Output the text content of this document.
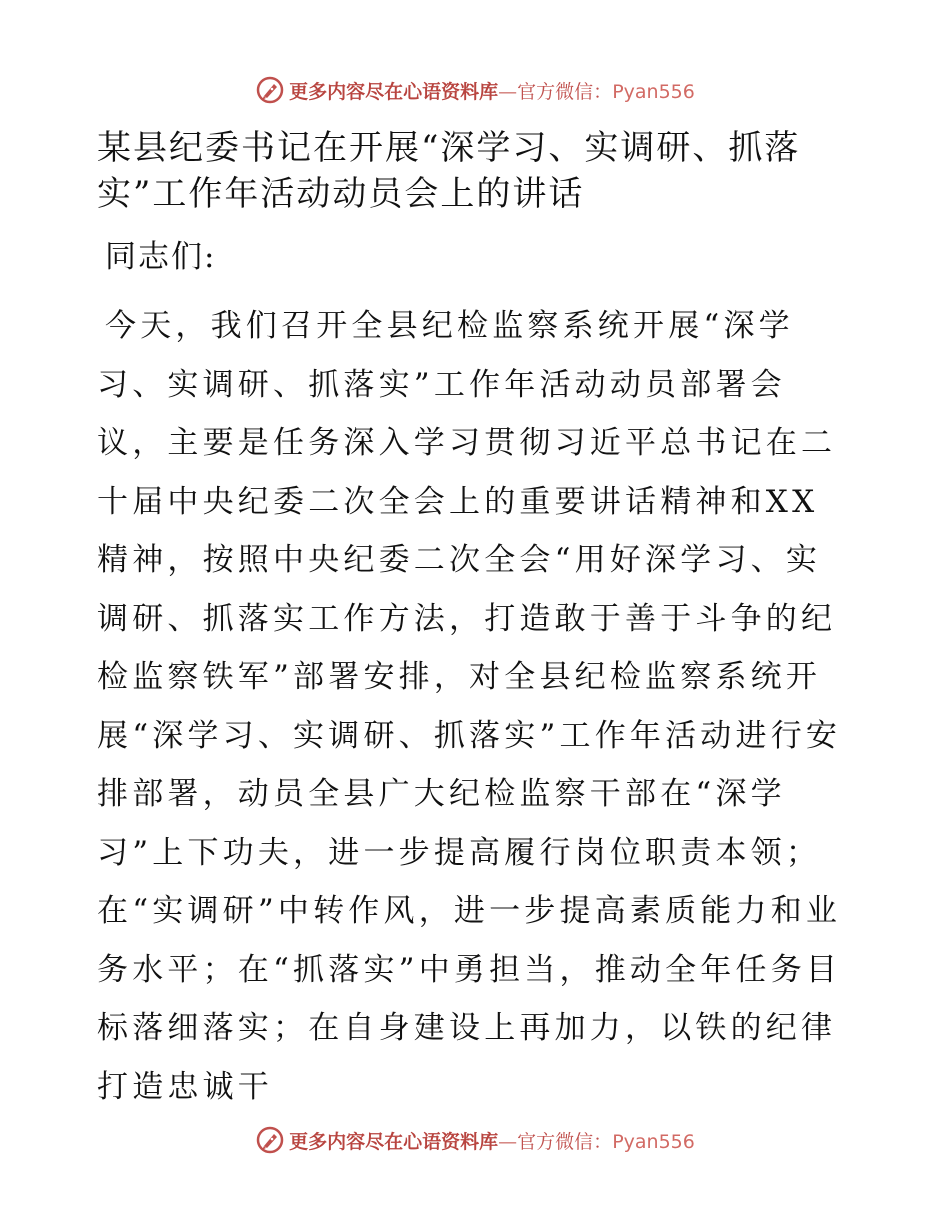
更多内容尽在心语资料库—官方微信：Pyan556
某县纪委书记在开展“深学习、实调研、抓落实”工作年活动动员会上的讲话

同志们:

今天，我们召开全县纪检监察系统开展“深学习、实调研、抓落实”工作年活动动员部署会议，主要是任务深入学习贯彻习近平总书记在二十届中央纪委二次全会上的重要讲话精神和XX精神，按照中央纪委二次全会“用好深学习、实调研、抓落实工作方法，打造敢于善于斗争的纪检监察铁军”部署安排，对全县纪检监察系统开展“深学习、实调研、抓落实”工作年活动进行安排部署，动员全县广大纪检监察干部在“深学习”上下功夫，进一步提高履行岗位职责本领；在“实调研”中转作风，进一步提高素质能力和业务水平；在“抓落实”中勇担当，推动全年任务目标落细落实；在自身建设上再加力，以铁的纪律打造忠诚干

更多内容尽在心语资料库—官方微信：Pyan556
